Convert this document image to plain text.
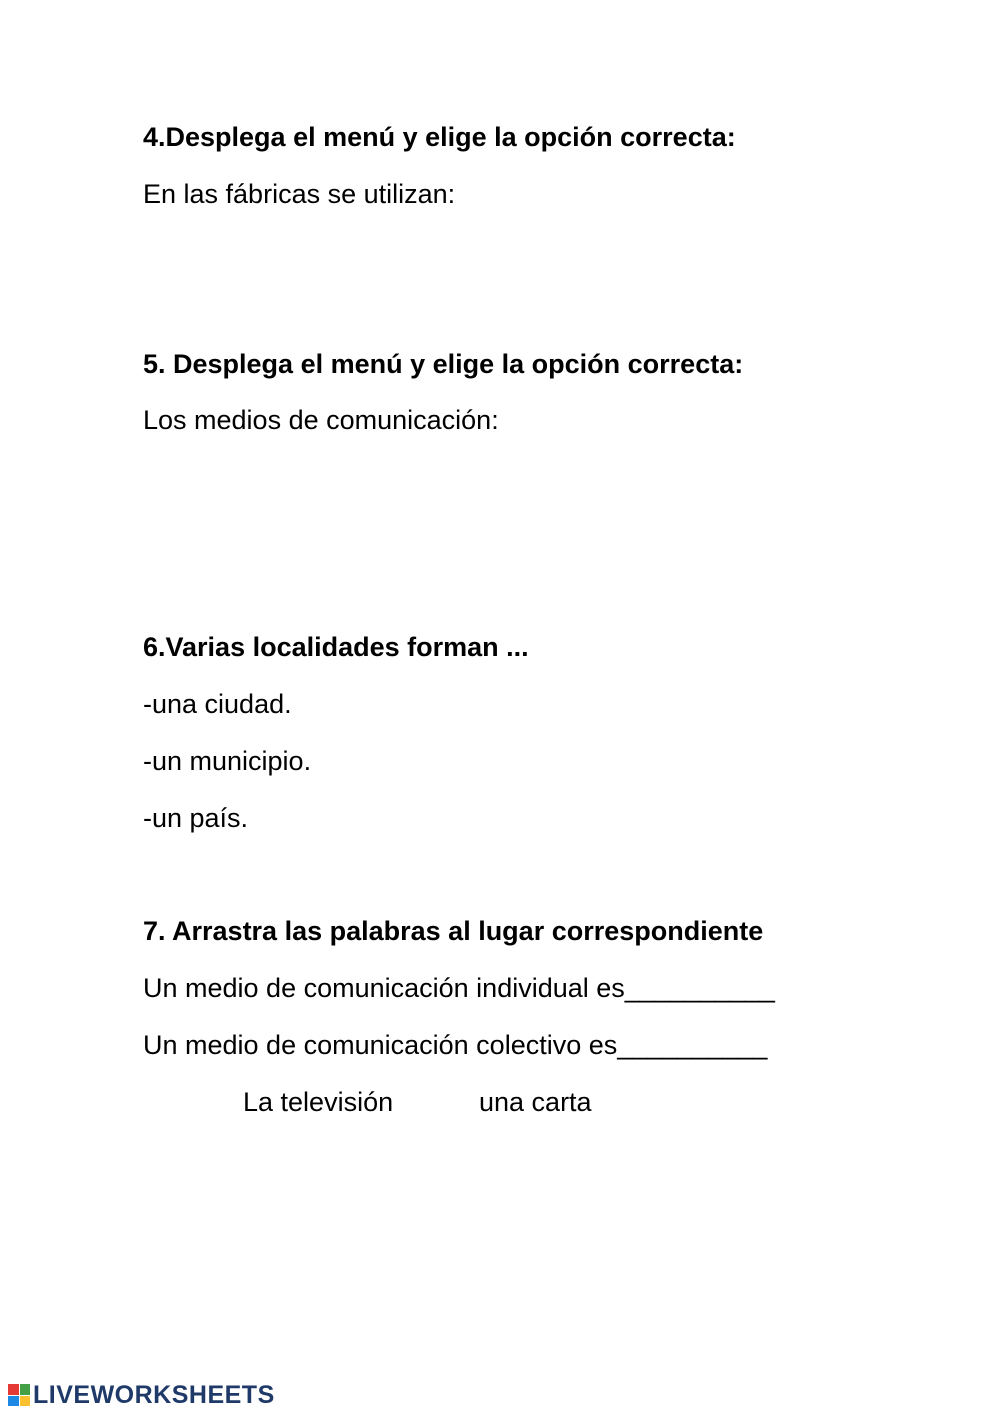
4.Desplega el menú y elige la opción correcta:
En las fábricas se utilizan:
5. Desplega el menú y elige la opción correcta:
Los medios de comunicación:
6.Varias localidades forman ...
-una ciudad.
-un municipio.
-un país.
7. Arrastra las palabras al lugar correspondiente
Un medio de comunicación individual es__________
Un medio de comunicación colectivo es__________
La televisión	una carta
LIVEWORKSHEETS
